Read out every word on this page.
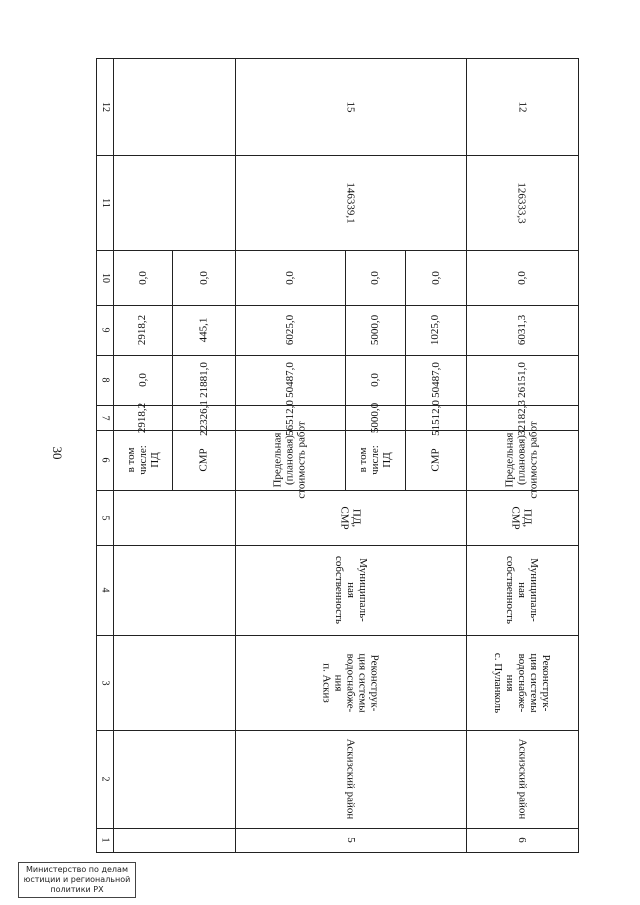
30
12
11
10
9
8
7
6
5
4
3
2
1	5
Аскизский район
Реконструк-
ция системы
водоснабже-
ния
п. Аскиз
Муниципаль-
ная
собственность
ПД,
СМР
146339,1
15
в том
числе:
ПД
2918,2
0,0
2918,2
0,0
СМР
22326,1
21881,0
445,1
0,0
Предельная
(плановая)
стоимость работ
56512,0
50487,0
6025,0
0,0
в том
числе:
ПД
5000,0
0,0
5000,0
0,0
СМР
51512,0
50487,0
1025,0
0,0
6
Аскизский район
Реконструк-
ция системы
водоснабже-
ния
с. Пуланколь
Муниципаль-
ная
собственность
ПД,
СМР
Предельная
(плановая)
стоимость работ
32182,3
26151,0
6031,3
0,0
126333,3
12
Министерство по делам
юстиции и региональной
политики РХ
